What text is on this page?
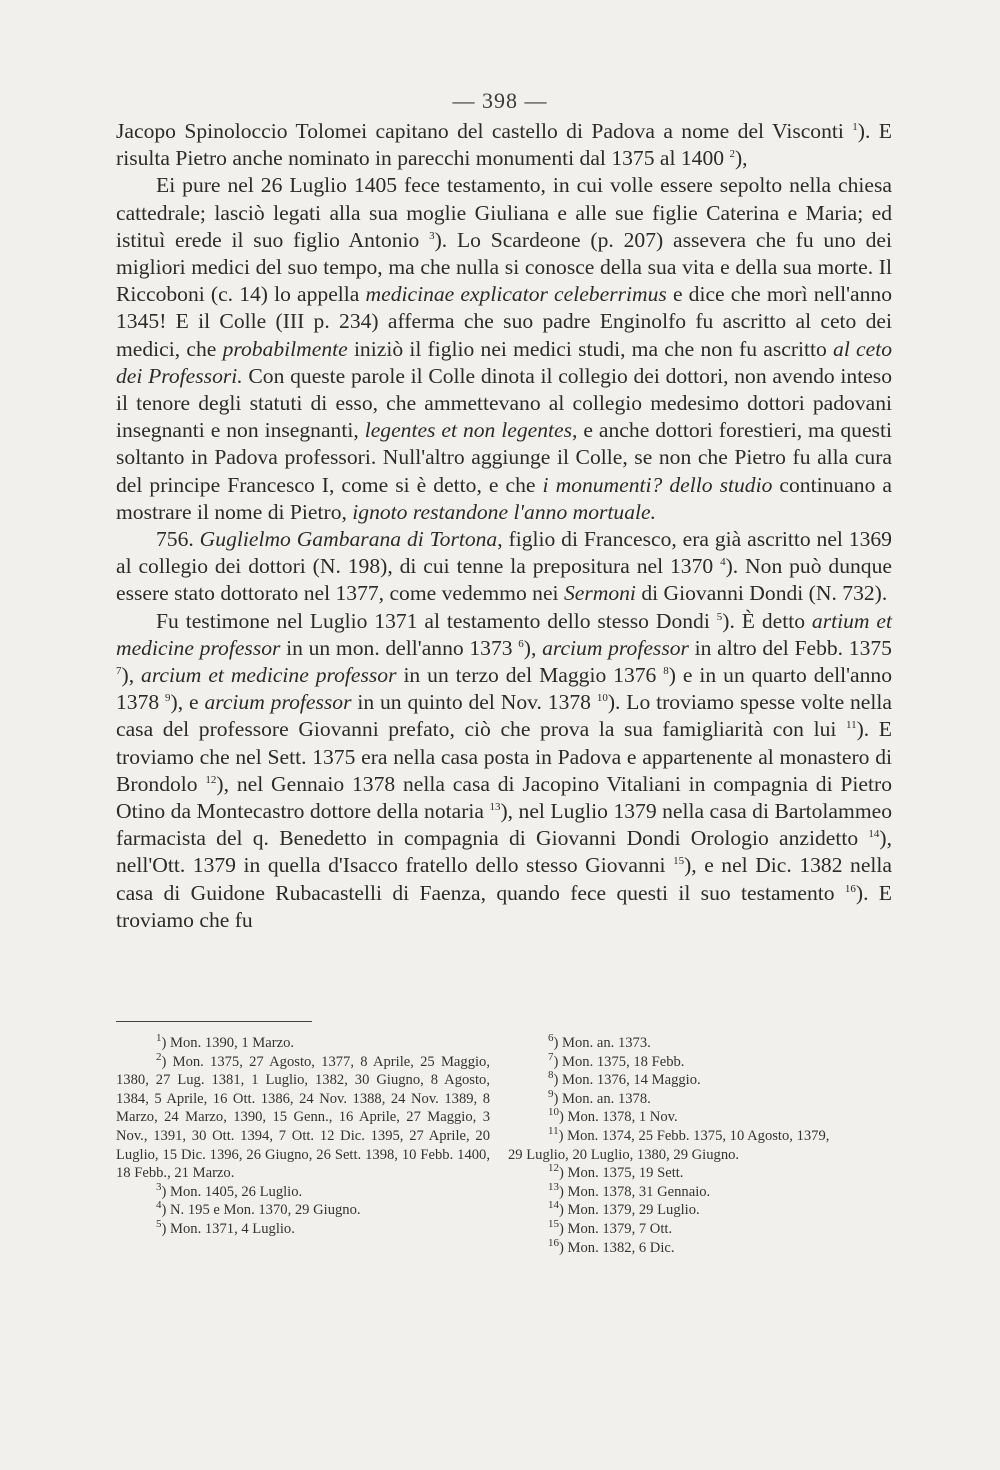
— 398 —

Jacopo Spinoloccio Tolomei capitano del castello di Padova a nome del Visconti $^1$). E risulta Pietro anche nominato in parecchi monumenti dal 1375 al 1400 $^2$),

Ei pure nel 26 Luglio 1405 fece testamento, in cui volle essere sepolto nella chiesa cattedrale; lasciò legati alla sua moglie Giuliana e alle sue figlie Caterina e Maria; ed istituì erede il suo figlio Antonio $^3$). Lo Scardeone (p. 207) assevera che fu uno dei migliori medici del suo tempo, ma che nulla si conosce della sua vita e della sua morte. Il Riccoboni (c. 14) lo appella medicinae explicator celeberrimus e dice che morì nell'anno 1345! E il Colle (III p. 234) afferma che suo padre Enginolfo fu ascritto al ceto dei medici, che probabilmente iniziò il figlio nei medici studi, ma che non fu ascritto al ceto dei Professori. Con queste parole il Colle dinota il collegio dei dottori, non avendo inteso il tenore degli statuti di esso, che ammettevano al collegio medesimo dottori padovani insegnanti e non insegnanti, legentes et non legentes, e anche dottori forestieri, ma questi soltanto in Padova professori. Null'altro aggiunge il Colle, se non che Pietro fu alla cura del principe Francesco I, come si è detto, e che i monumenti? dello studio continuano a mostrare il nome di Pietro, ignoto restandone l'anno mortuale.

756. Guglielmo Gambarana di Tortona, figlio di Francesco, era già ascritto nel 1369 al collegio dei dottori (N. 198), di cui tenne la prepositura nel 1370 $^4$). Non può dunque essere stato dottorato nel 1377, come vedemmo nei Sermoni di Giovanni Dondi (N. 732).

Fu testimone nel Luglio 1371 al testamento dello stesso Dondi $^5$). È detto artium et medicine professor in un mon. dell'anno 1373 $^6$), arcium professor in altro del Febb. 1375 $^7$), arcium et medicine professor in un terzo del Maggio 1376 $^8$) e in un quarto dell'anno 1378 $^9$), e arcium professor in un quinto del Nov. 1378 $^{10}$). Lo troviamo spesse volte nella casa del professore Giovanni prefato, ciò che prova la sua famigliarità con lui $^{11}$). E troviamo che nel Sett. 1375 era nella casa posta in Padova e appartenente al monastero di Brondolo $^{12}$), nel Gennaio 1378 nella casa di Jacopino Vitaliani in compagnia di Pietro Otino da Montecastro dottore della notaria $^{13}$), nel Luglio 1379 nella casa di Bartolammeo farmacista del q. Benedetto in compagnia di Giovanni Dondi Orologio anzidetto $^{14}$), nell'Ott. 1379 in quella d'Isacco fratello dello stesso Giovanni $^{15}$), e nel Dic. 1382 nella casa di Guidone Rubacastelli di Faenza, quando fece questi il suo testamento $^{16}$). E troviamo che fu

$^1$) Mon. 1390, 1 Marzo.

$^2$) Mon. 1375, 27 Agosto, 1377, 8 Aprile, 25 Maggio, 1380, 27 Lug. 1381, 1 Luglio, 1382, 30 Giugno, 8 Agosto, 1384, 5 Aprile, 16 Ott. 1386, 24 Nov. 1388, 24 Nov. 1389, 8 Marzo, 24 Marzo, 1390, 15 Genn., 16 Aprile, 27 Maggio, 3 Nov., 1391, 30 Ott. 1394, 7 Ott. 12 Dic. 1395, 27 Aprile, 20 Luglio, 15 Dic. 1396, 26 Giugno, 26 Sett. 1398, 10 Febb. 1400, 18 Febb., 21 Marzo.

$^3$) Mon. 1405, 26 Luglio.

$^4$) N. 195 e Mon. 1370, 29 Giugno.

$^5$) Mon. 1371, 4 Luglio.

$^6$) Mon. an. 1373.

$^7$) Mon. 1375, 18 Febb.

$^8$) Mon. 1376, 14 Maggio.

$^9$) Mon. an. 1378.

$^{10}$) Mon. 1378, 1 Nov.

$^{11}$) Mon. 1374, 25 Febb. 1375, 10 Agosto, 1379,

29 Luglio, 20 Luglio, 1380, 29 Giugno.

$^{12}$) Mon. 1375, 19 Sett.

$^{13}$) Mon. 1378, 31 Gennaio.

$^{14}$) Mon. 1379, 29 Luglio.

$^{15}$) Mon. 1379, 7 Ott.

$^{16}$) Mon. 1382, 6 Dic.
